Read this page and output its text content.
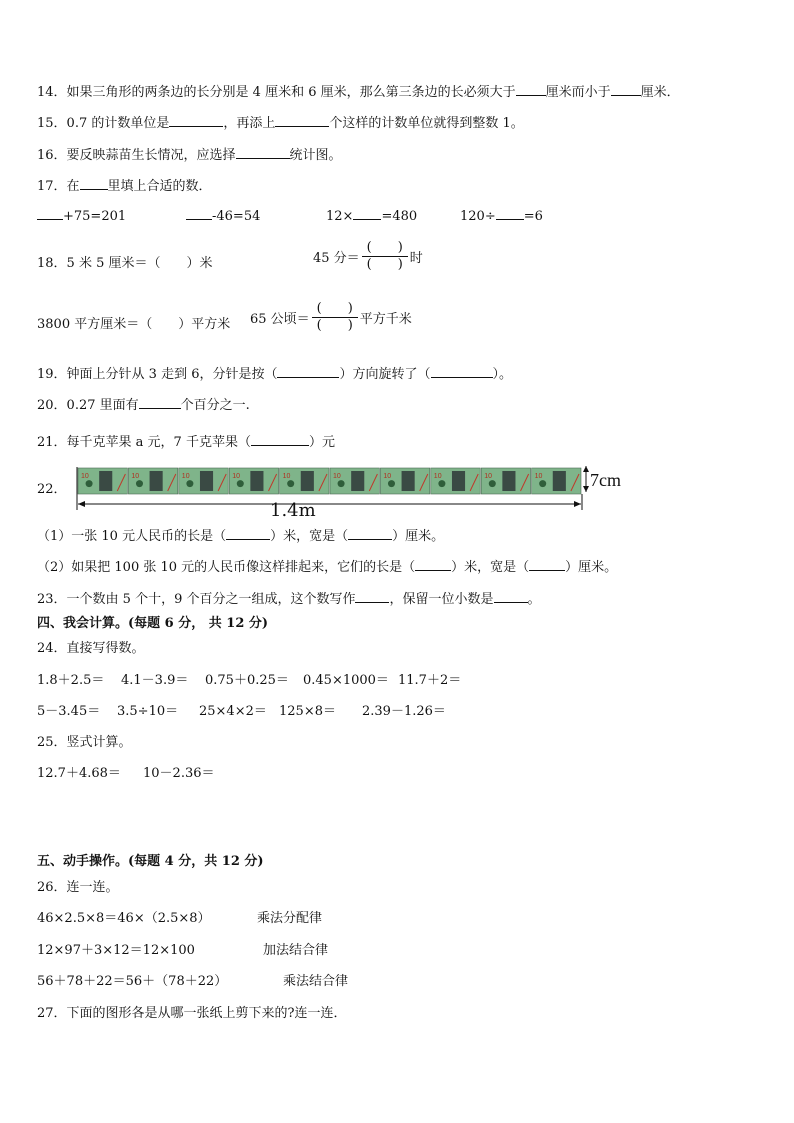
14．如果三角形的两条边的长分别是 4 厘米和 6 厘米，那么第三条边的长必须大于 厘米而小于 厘米．
15．0.7 的计数单位是	，再添上	个这样的计数单位就得到整数 1。
16．要反映蒜苗生长情况，应选择	统计图。
17．在 里填上合适的数．
+75=201	-46=54	12× =480	120÷ =6
18．5 米 5 厘米＝（　　）米	45 分＝ $\frac{( )}{( )}$ 时
3800 平方厘米＝（　　）平方米 65 公顷＝ $\frac{( )}{( )}$ 平方千米
19．钟面上分针从 3 走到 6，分针是按（	）方向旋转了（	）。
20．0.27 里面有	个百分之一.
21．每千克苹果 a 元，7 千克苹果（	）元
22．
10	10	10	10	10	10	10	10	10	10	7cm
1.4m
（1）一张 10 元人民币的长是（	）米，宽是（	）厘米。
（2）如果把 100 张 10 元的人民币像这样排起来，它们的长是（	）米，宽是（	）厘米。
23．一个数由 5 个十，9 个百分之一组成，这个数写作	，保留一位小数是	。
四、我会计算。(每题 6 分， 共 12 分)
24．直接写得数。
1.8＋2.5＝ 4.1－3.9＝ 0.75＋0.25＝ 0.45×1000＝ 11.7＋2＝
5－3.45＝ 3.5÷10＝ 25×4×2＝ 125×8＝ 2.39－1.26＝
25．竖式计算。
12.7＋4.68＝ 10－2.36＝
五、动手操作。(每题 4 分，共 12 分)
26．连一连。
46×2.5×8＝46×（2.5×8）	乘法分配律
12×97＋3×12＝12×100	加法结合律
56＋78＋22＝56＋（78＋22）	乘法结合律
27．下面的图形各是从哪一张纸上剪下来的?连一连．
